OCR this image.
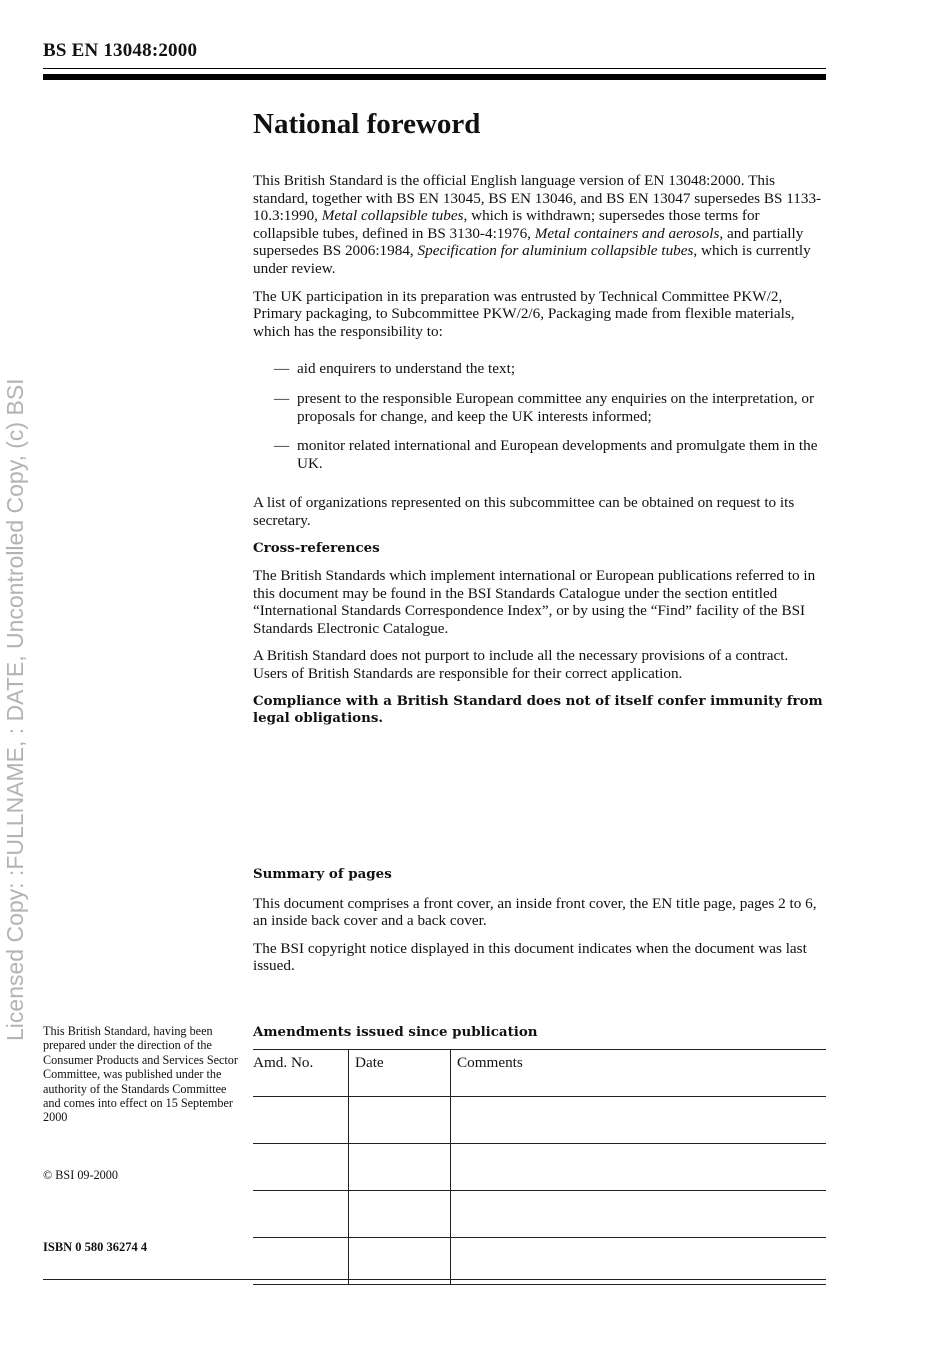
BS EN 13048:2000
Licensed Copy: :FULLNAME, : DATE, Uncontrolled Copy, (c) BSI
National foreword

This British Standard is the official English language version of EN 13048:2000. This standard, together with BS EN 13045, BS EN 13046, and BS EN 13047 supersedes BS 1133-10.3:1990, Metal collapsible tubes, which is withdrawn; supersedes those terms for collapsible tubes, defined in BS 3130-4:1976, Metal containers and aerosols, and partially supersedes BS 2006:1984, Specification for aluminium collapsible tubes, which is currently under review.

The UK participation in its preparation was entrusted by Technical Committee PKW/2, Primary packaging, to Subcommittee PKW/2/6, Packaging made from flexible materials, which has the responsibility to:

— aid enquirers to understand the text;
— present to the responsible European committee any enquiries on the interpretation, or proposals for change, and keep the UK interests informed;
— monitor related international and European developments and promulgate them in the UK.

A list of organizations represented on this subcommittee can be obtained on request to its secretary.

Cross-references

The British Standards which implement international or European publications referred to in this document may be found in the BSI Standards Catalogue under the section entitled “International Standards Correspondence Index”, or by using the “Find” facility of the BSI Standards Electronic Catalogue.

A British Standard does not purport to include all the necessary provisions of a contract. Users of British Standards are responsible for their correct application.

Compliance with a British Standard does not of itself confer immunity from legal obligations.

Summary of pages

This document comprises a front cover, an inside front cover, the EN title page, pages 2 to 6, an inside back cover and a back cover.

The BSI copyright notice displayed in this document indicates when the document was last issued.

This British Standard, having been prepared under the direction of the Consumer Products and Services Sector Committee, was published under the authority of the Standards Committee and comes into effect on 15 September 2000
© BSI 09-2000
ISBN 0 580 36274 4
Amendments issued since publication
Amd. No.	Date	Comments
